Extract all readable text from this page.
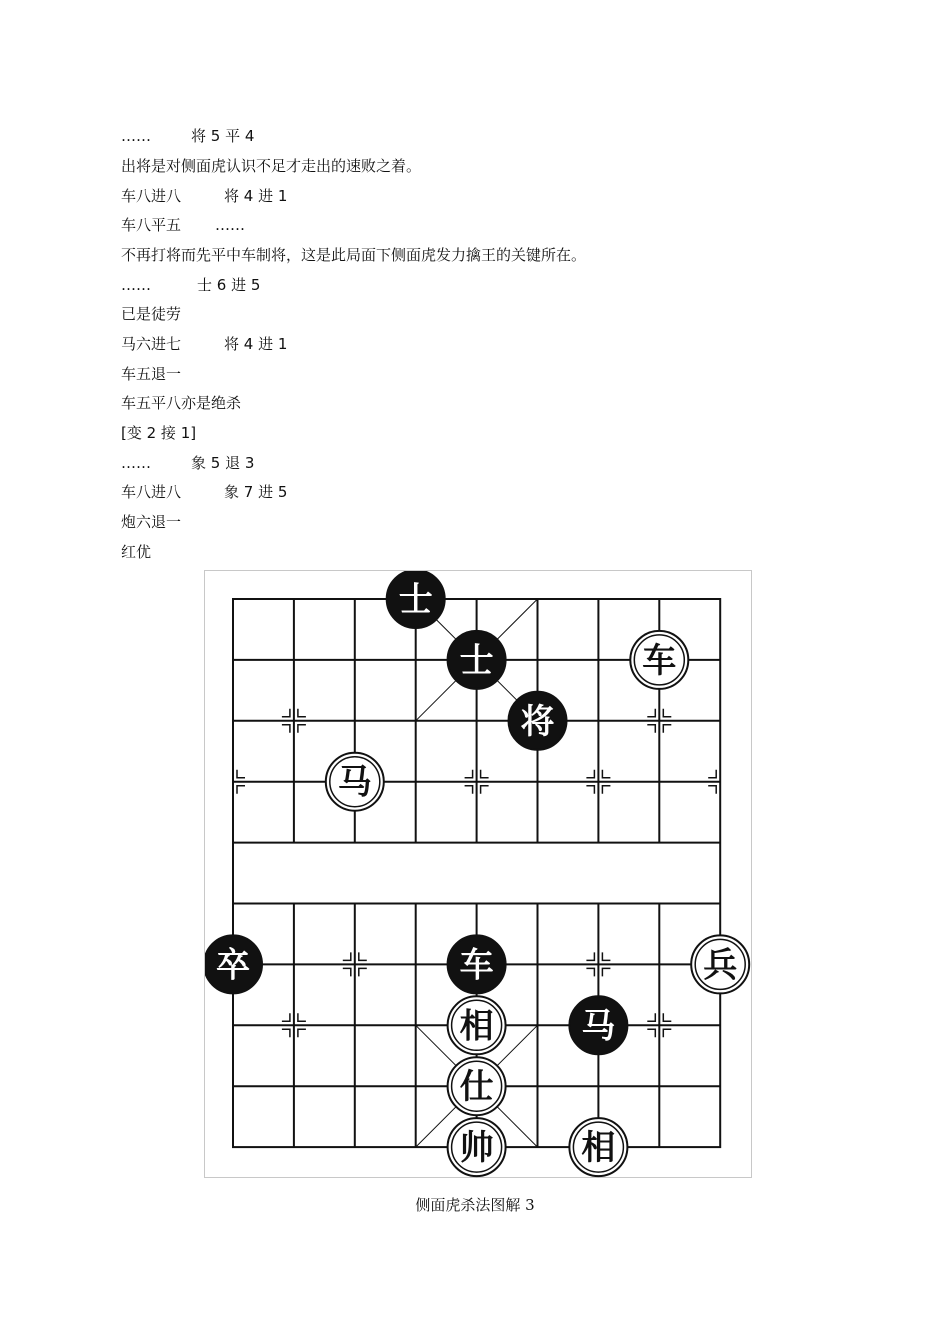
……	将 5 平 4
出将是对侧面虎认识不足才走出的速败之着。
车八进八	将 4 进 1
车八平五 ……
不再打将而先平中车制将，这是此局面下侧面虎发力擒王的关键所在。
……	士 6 进 5
已是徒劳
马六进七	将 4 进 1
车五退一
车五平八亦是绝杀
[变 2 接 1]
……	象 5 退 3
车八进八	象 7 进 5
炮六退一
红优
士
士	车
将
马
卒	车	兵
相	马
仕
帅	相
侧面虎杀法图解 3
